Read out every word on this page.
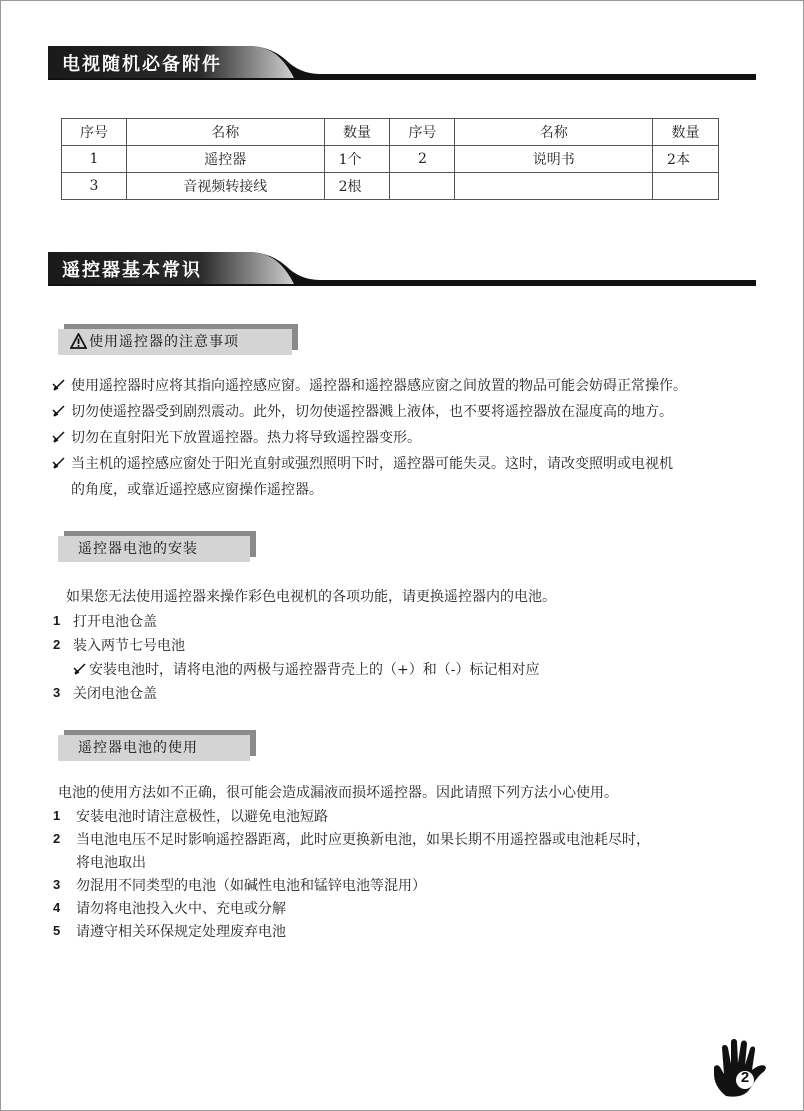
电视随机必备附件
序号	名称	数量	序号	名称	数量
1	遥控器	1个	2	说明书	2本
3	音视频转接线	2根			
遥控器基本常识
使用遥控器的注意事项
使用遥控器时应将其指向遥控感应窗。遥控器和遥控器感应窗之间放置的物品可能会妨碍正常操作。
切勿使遥控器受到剧烈震动。此外，切勿使遥控器溅上液体，也不要将遥控器放在湿度高的地方。
切勿在直射阳光下放置遥控器。热力将导致遥控器变形。
当主机的遥控感应窗处于阳光直射或强烈照明下时，遥控器可能失灵。这时，请改变照明或电视机
的角度，或靠近遥控感应窗操作遥控器。
遥控器电池的安装
如果您无法使用遥控器来操作彩色电视机的各项功能，请更换遥控器内的电池。
1 打开电池仓盖
2 装入两节七号电池
安装电池时，请将电池的两极与遥控器背壳上的（+）和（-）标记相对应
3 关闭电池仓盖
遥控器电池的使用
电池的使用方法如不正确，很可能会造成漏液而损坏遥控器。因此请照下列方法小心使用。
1 安装电池时请注意极性，以避免电池短路
2 当电池电压不足时影响遥控器距离，此时应更换新电池，如果长期不用遥控器或电池耗尽时，
将电池取出
3 勿混用不同类型的电池（如碱性电池和锰锌电池等混用）
4 请勿将电池投入火中、充电或分解
5 请遵守相关环保规定处理废弃电池
2
